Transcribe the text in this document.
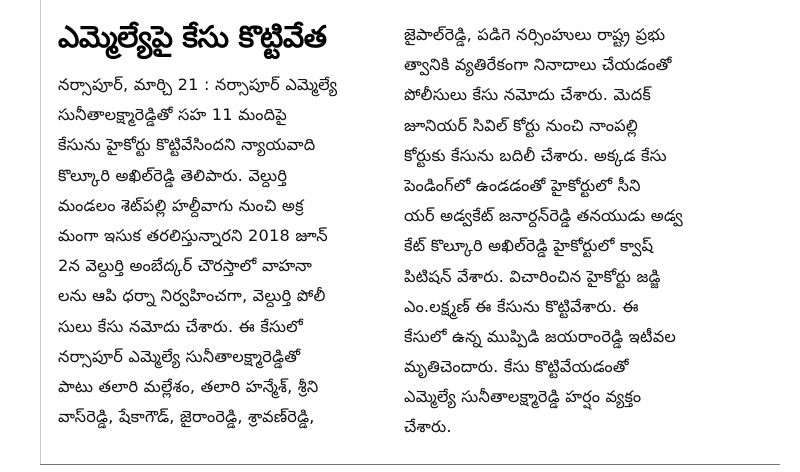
ఎమ్మెల్యేపై కేసు కొట్టివేత
నర్సాపూర్, మార్చి 21 : నర్సాపూర్ ఎమ్మెల్యే
సునీతాలక్ష్మారెడ్డితో సహ 11 మందిపై
కేసును హైకోర్టు కొట్టివేసిందని న్యాయవాది
కొల్కూరి అఖిల్‌రెడ్డి తెలిపారు. వెల్దుర్తి
మండలం శెట్‌పల్లి హల్దీవాగు నుంచి అక్ర
మంగా ఇసుక తరలిస్తున్నారని 2018 జూన్
2న వెల్దుర్తి అంబేద్కర్ చౌరస్తాలో వాహనా
లను ఆపి ధర్నా నిర్వహించగా, వెల్దుర్తి పోలీ
సులు కేసు నమోదు చేశారు. ఈ కేసులో
నర్సాపూర్ ఎమ్మెల్యే సునీతాలక్ష్మారెడ్డితో
పాటు తలారి మల్లేశం, తలారి హన్మేశ్, శ్రీని
వాస్‌రెడ్డి, షేకాగౌడ్, జైరాంరెడ్డి, శ్రావణ్‌రెడ్డి,
జైపాల్‌రెడ్డి, పడిగె నర్సింహులు రాష్ట్ర ప్రభు
త్వానికి వ్యతిరేకంగా నినాదాలు చేయడంతో
పోలీసులు కేసు నమోదు చేశారు. మెదక్
జూనియర్ సివిల్ కోర్టు నుంచి నాంపల్లి
కోర్టుకు కేసును బదిలీ చేశారు. అక్కడ కేసు
పెండింగ్‌లో ఉండడంతో హైకోర్టులో సీని
యర్ అడ్వకేట్ జనార్దన్‌రెడ్డి తనయుడు అడ్వ
కేట్ కొల్కూరి అఖిల్‌రెడ్డి హైకోర్టులో క్వాష్
పిటిషన్ వేశారు. విచారించిన హైకోర్టు జడ్జి
ఎం.లక్ష్మణ్ ఈ కేసును కొట్టివేశారు. ఈ
కేసులో ఉన్న ముప్పిడి జయరాంరెడ్డి ఇటీవల
మృతిచెందారు. కేసు కొట్టివేయడంతో
ఎమ్మెల్యే సునీతాలక్ష్మారెడ్డి హర్షం వ్యక్తం
చేశారు.
